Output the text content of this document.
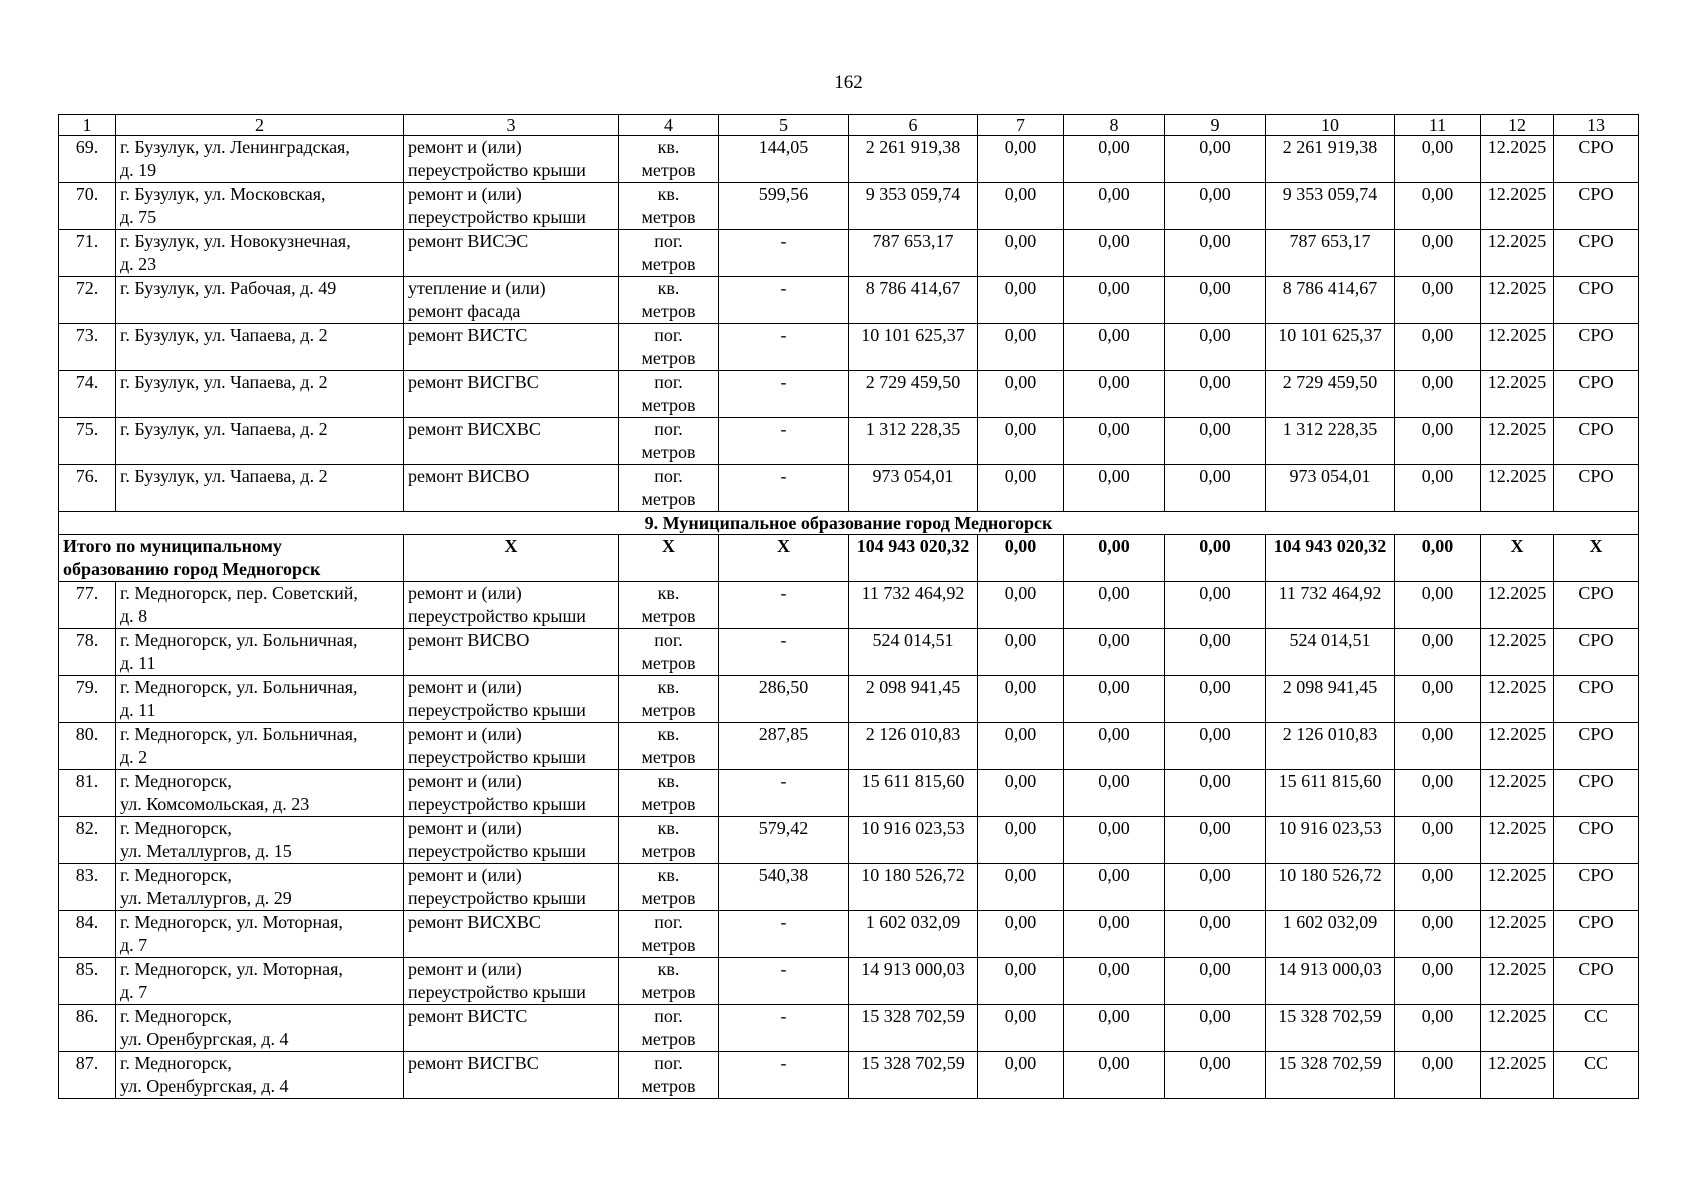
162
1	2	3	4	5	6	7	8	9	10	11	12	13
69.	г. Бузулук, ул. Ленинградская,
д. 19	ремонт и (или)
переустройство крыши	кв.
метров	144,05	2 261 919,38	0,00	0,00	0,00	2 261 919,38	0,00	12.2025	СРО
70.	г. Бузулук, ул. Московская,
д. 75	ремонт и (или)
переустройство крыши	кв.
метров	599,56	9 353 059,74	0,00	0,00	0,00	9 353 059,74	0,00	12.2025	СРО
71.	г. Бузулук, ул. Новокузнечная,
д. 23	ремонт ВИСЭС	пог.
метров	-	787 653,17	0,00	0,00	0,00	787 653,17	0,00	12.2025	СРО
72.	г. Бузулук, ул. Рабочая, д. 49	утепление и (или)
ремонт фасада	кв.
метров	-	8 786 414,67	0,00	0,00	0,00	8 786 414,67	0,00	12.2025	СРО
73.	г. Бузулук, ул. Чапаева, д. 2	ремонт ВИСТС	пог.
метров	-	10 101 625,37	0,00	0,00	0,00	10 101 625,37	0,00	12.2025	СРО
74.	г. Бузулук, ул. Чапаева, д. 2	ремонт ВИСГВС	пог.
метров	-	2 729 459,50	0,00	0,00	0,00	2 729 459,50	0,00	12.2025	СРО
75.	г. Бузулук, ул. Чапаева, д. 2	ремонт ВИСХВС	пог.
метров	-	1 312 228,35	0,00	0,00	0,00	1 312 228,35	0,00	12.2025	СРО
76.	г. Бузулук, ул. Чапаева, д. 2	ремонт ВИСВО	пог.
метров	-	973 054,01	0,00	0,00	0,00	973 054,01	0,00	12.2025	СРО
9. Муниципальное образование город Медногорск												
Итого по муниципальному
образованию город Медногорск		X	X	X	104 943 020,32	0,00	0,00	0,00	104 943 020,32	0,00	X	X
77.	г. Медногорск, пер. Советский,
д. 8	ремонт и (или)
переустройство крыши	кв.
метров	-	11 732 464,92	0,00	0,00	0,00	11 732 464,92	0,00	12.2025	СРО
78.	г. Медногорск, ул. Больничная,
д. 11	ремонт ВИСВО	пог.
метров	-	524 014,51	0,00	0,00	0,00	524 014,51	0,00	12.2025	СРО
79.	г. Медногорск, ул. Больничная,
д. 11	ремонт и (или)
переустройство крыши	кв.
метров	286,50	2 098 941,45	0,00	0,00	0,00	2 098 941,45	0,00	12.2025	СРО
80.	г. Медногорск, ул. Больничная,
д. 2	ремонт и (или)
переустройство крыши	кв.
метров	287,85	2 126 010,83	0,00	0,00	0,00	2 126 010,83	0,00	12.2025	СРО
81.	г. Медногорск,
ул. Комсомольская, д. 23	ремонт и (или)
переустройство крыши	кв.
метров	-	15 611 815,60	0,00	0,00	0,00	15 611 815,60	0,00	12.2025	СРО
82.	г. Медногорск,
ул. Металлургов, д. 15	ремонт и (или)
переустройство крыши	кв.
метров	579,42	10 916 023,53	0,00	0,00	0,00	10 916 023,53	0,00	12.2025	СРО
83.	г. Медногорск,
ул. Металлургов, д. 29	ремонт и (или)
переустройство крыши	кв.
метров	540,38	10 180 526,72	0,00	0,00	0,00	10 180 526,72	0,00	12.2025	СРО
84.	г. Медногорск, ул. Моторная,
д. 7	ремонт ВИСХВС	пог.
метров	-	1 602 032,09	0,00	0,00	0,00	1 602 032,09	0,00	12.2025	СРО
85.	г. Медногорск, ул. Моторная,
д. 7	ремонт и (или)
переустройство крыши	кв.
метров	-	14 913 000,03	0,00	0,00	0,00	14 913 000,03	0,00	12.2025	СРО
86.	г. Медногорск,
ул. Оренбургская, д. 4	ремонт ВИСТС	пог.
метров	-	15 328 702,59	0,00	0,00	0,00	15 328 702,59	0,00	12.2025	СС
87.	г. Медногорск,
ул. Оренбургская, д. 4	ремонт ВИСГВС	пог.
метров	-	15 328 702,59	0,00	0,00	0,00	15 328 702,59	0,00	12.2025	СС
